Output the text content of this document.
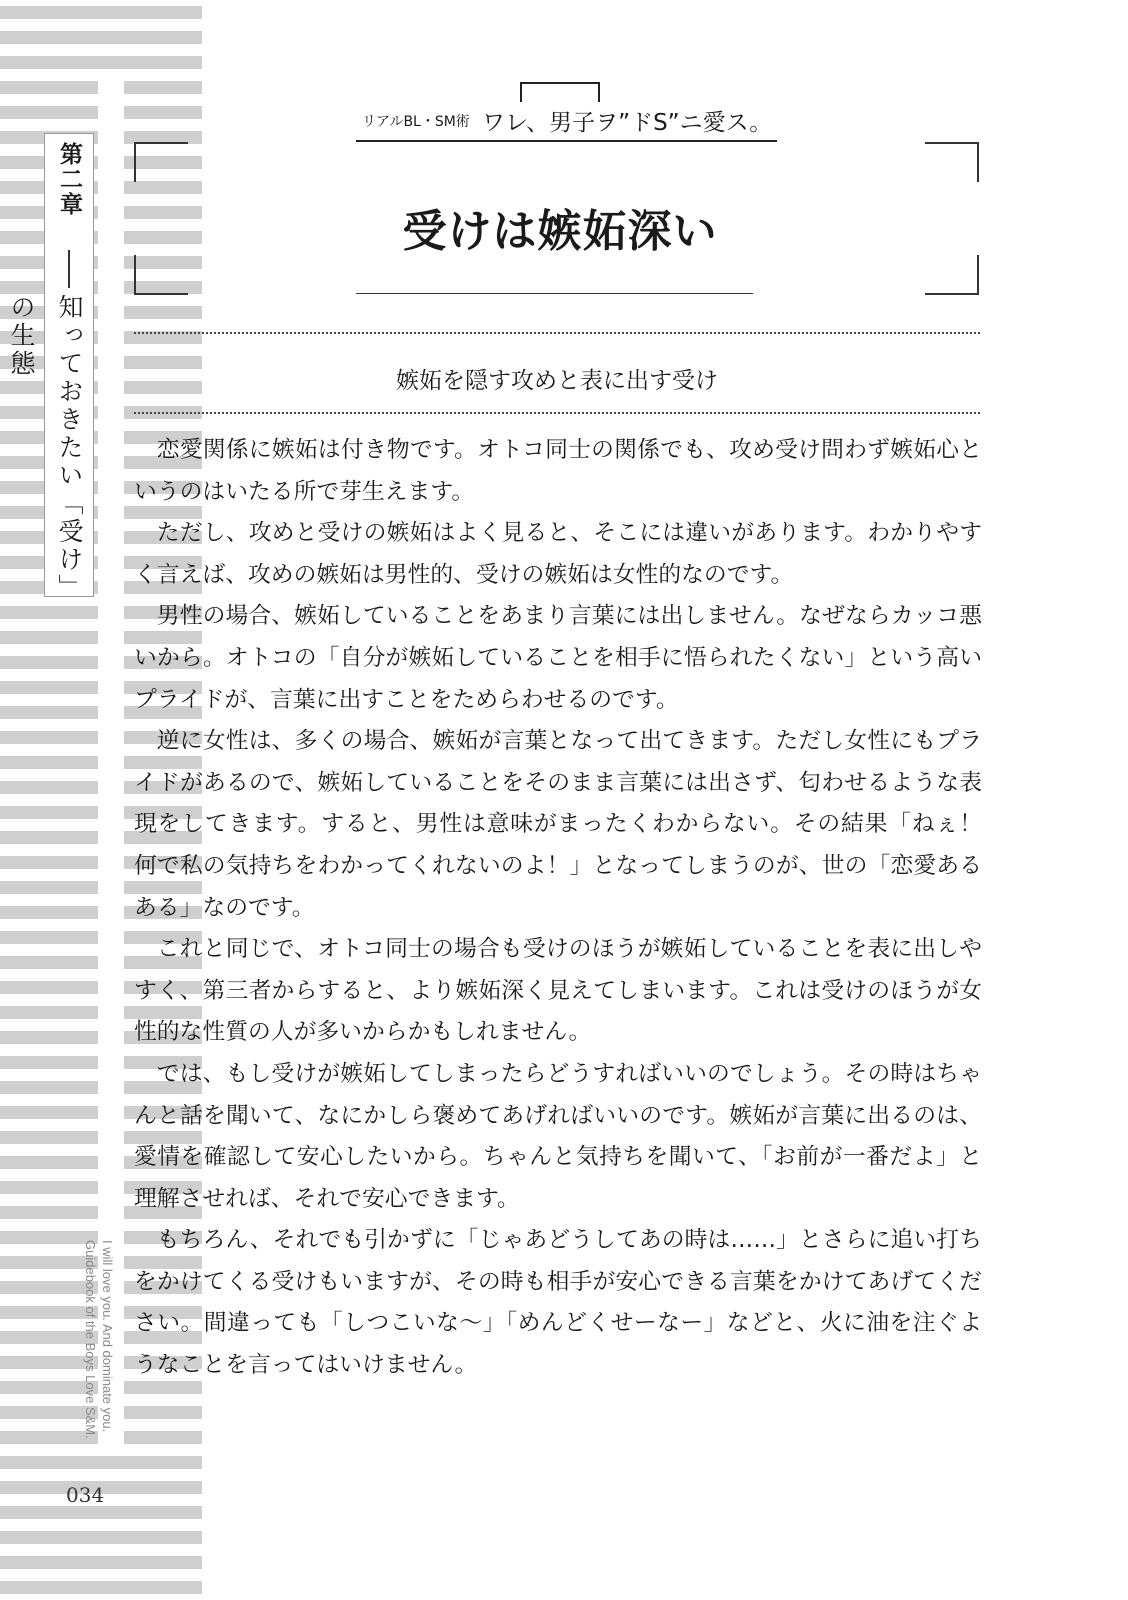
第二章
知っておきたい「受け」の生態
I will love you. And dominate you. Guidebook of the Boys Love S&M.
034
リアルBL・SM術 ワレ、男子ヲ”ドS”ニ愛ス。
受けは嫉妬深い
嫉妬を隠す攻めと表に出す受け

恋愛関係に嫉妬は付き物です。オトコ同士の関係でも、攻め受け問わず嫉妬心というのはいたる所で芽生えます。

ただし、攻めと受けの嫉妬はよく見ると、そこには違いがあります。わかりやすく言えば、攻めの嫉妬は男性的、受けの嫉妬は女性的なのです。

男性の場合、嫉妬していることをあまり言葉には出しません。なぜならカッコ悪いから。オトコの「自分が嫉妬していることを相手に悟られたくない」という高いプライドが、言葉に出すことをためらわせるのです。

逆に女性は、多くの場合、嫉妬が言葉となって出てきます。ただし女性にもプライドがあるので、嫉妬していることをそのまま言葉には出さず、匂わせるような表現をしてきます。すると、男性は意味がまったくわからない。その結果「ねぇ！　何で私の気持ちをわかってくれないのよ！」となってしまうのが、世の「恋愛あるある」なのです。

これと同じで、オトコ同士の場合も受けのほうが嫉妬していることを表に出しやすく、第三者からすると、より嫉妬深く見えてしまいます。これは受けのほうが女性的な性質の人が多いからかもしれません。

では、もし受けが嫉妬してしまったらどうすればいいのでしょう。その時はちゃんと話を聞いて、なにかしら褒めてあげればいいのです。嫉妬が言葉に出るのは、愛情を確認して安心したいから。ちゃんと気持ちを聞いて、「お前が一番だよ」と理解させれば、それで安心できます。

もちろん、それでも引かずに「じゃあどうしてあの時は……」とさらに追い打ちをかけてくる受けもいますが、その時も相手が安心できる言葉をかけてあげてください。間違っても「しつこいな～」「めんどくせーなー」などと、火に油を注ぐようなことを言ってはいけません。
